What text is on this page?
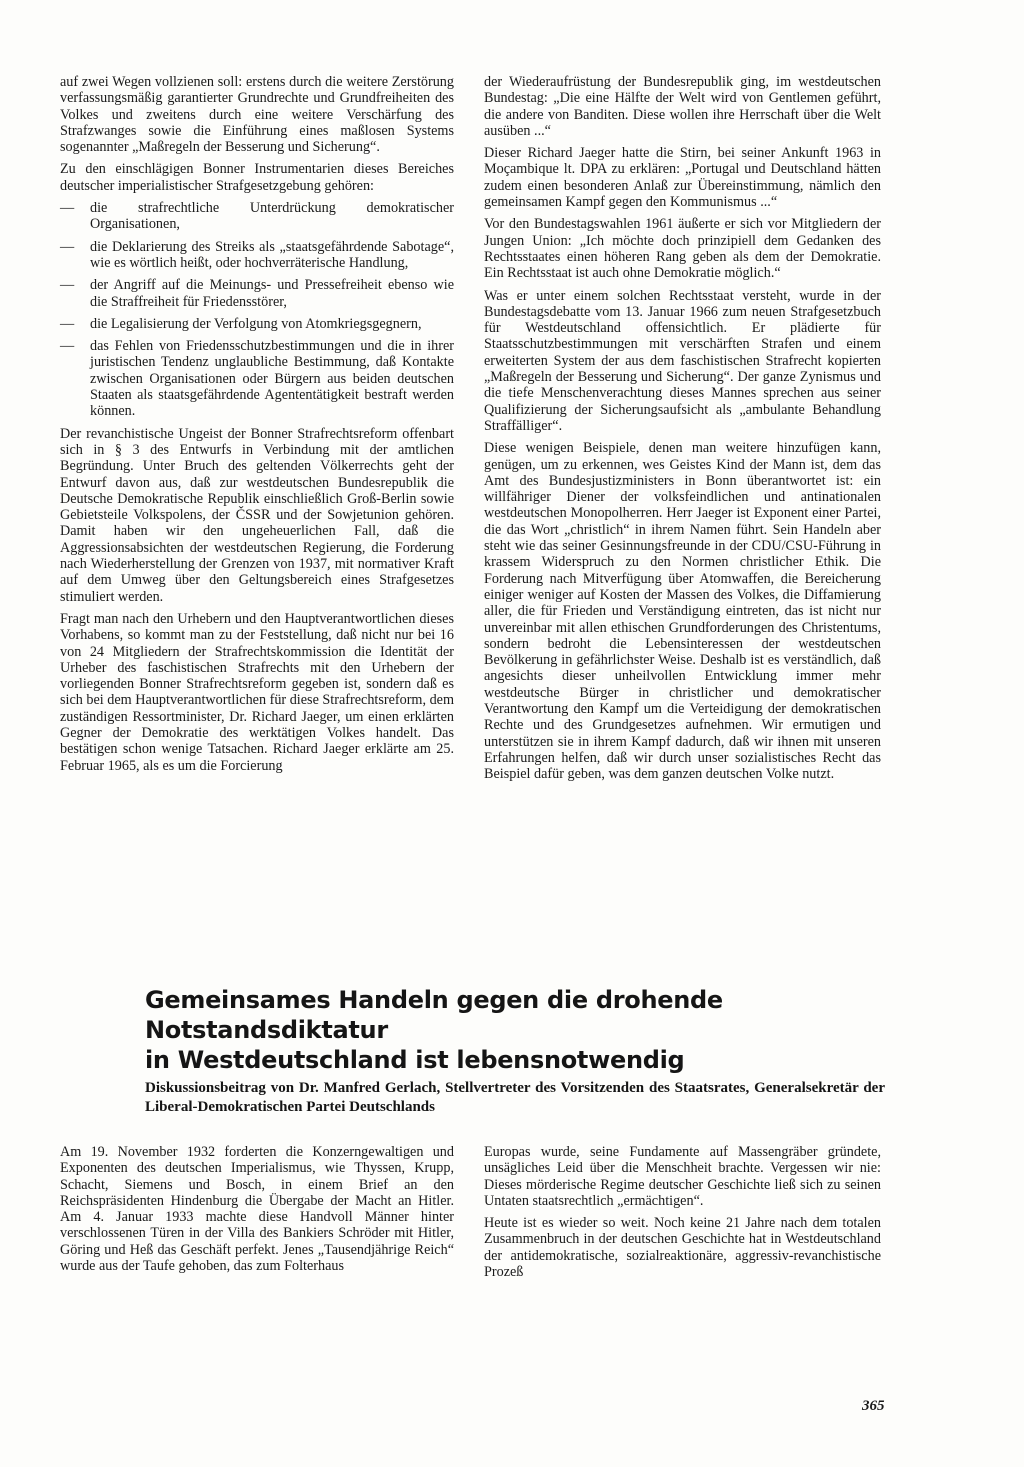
auf zwei Wegen vollzienen soll: erstens durch die weitere Zerstörung verfassungsmäßig garantierter Grundrechte und Grundfreiheiten des Volkes und zweitens durch eine weitere Verschärfung des Strafzwanges sowie die Einführung eines maßlosen Systems sogenannter „Maßregeln der Besserung und Sicherung“.

Zu den einschlägigen Bonner Instrumentarien dieses Bereiches deutscher imperialistischer Strafgesetzgebung gehören:

— die strafrechtliche Unterdrückung demokratischer Organisationen,
— die Deklarierung des Streiks als „staatsgefährdende Sabotage“, wie es wörtlich heißt, oder hochverräterische Handlung,
— der Angriff auf die Meinungs- und Pressefreiheit ebenso wie die Straffreiheit für Friedensstörer,
— die Legalisierung der Verfolgung von Atomkriegsgegnern,
— das Fehlen von Friedensschutzbestimmungen und die in ihrer juristischen Tendenz unglaubliche Bestimmung, daß Kontakte zwischen Organisationen oder Bürgern aus beiden deutschen Staaten als staatsgefährdende Agententätigkeit bestraft werden können.

Der revanchistische Ungeist der Bonner Strafrechtsreform offenbart sich in § 3 des Entwurfs in Verbindung mit der amtlichen Begründung. Unter Bruch des geltenden Völkerrechts geht der Entwurf davon aus, daß zur westdeutschen Bundesrepublik die Deutsche Demokratische Republik einschließlich Groß-Berlin sowie Gebietsteile Volkspolens, der ČSSR und der Sowjetunion gehören. Damit haben wir den ungeheuerlichen Fall, daß die Aggressionsabsichten der westdeutschen Regierung, die Forderung nach Wiederherstellung der Grenzen von 1937, mit normativer Kraft auf dem Umweg über den Geltungsbereich eines Strafgesetzes stimuliert werden.

Fragt man nach den Urhebern und den Hauptverantwortlichen dieses Vorhabens, so kommt man zu der Feststellung, daß nicht nur bei 16 von 24 Mitgliedern der Strafrechtskommission die Identität der Urheber des faschistischen Strafrechts mit den Urhebern der vorliegenden Bonner Strafrechtsreform gegeben ist, sondern daß es sich bei dem Hauptverantwortlichen für diese Strafrechtsreform, dem zuständigen Ressortminister, Dr. Richard Jaeger, um einen erklärten Gegner der Demokratie des werktätigen Volkes handelt. Das bestätigen schon wenige Tatsachen. Richard Jaeger erklärte am 25. Februar 1965, als es um die Forcierung

der Wiederaufrüstung der Bundesrepublik ging, im westdeutschen Bundestag: „Die eine Hälfte der Welt wird von Gentlemen geführt, die andere von Banditen. Diese wollen ihre Herrschaft über die Welt ausüben ...“

Dieser Richard Jaeger hatte die Stirn, bei seiner Ankunft 1963 in Moçambique lt. DPA zu erklären: „Portugal und Deutschland hätten zudem einen besonderen Anlaß zur Übereinstimmung, nämlich den gemeinsamen Kampf gegen den Kommunismus ...“

Vor den Bundestagswahlen 1961 äußerte er sich vor Mitgliedern der Jungen Union: „Ich möchte doch prinzipiell dem Gedanken des Rechtsstaates einen höheren Rang geben als dem der Demokratie. Ein Rechtsstaat ist auch ohne Demokratie möglich.“

Was er unter einem solchen Rechtsstaat versteht, wurde in der Bundestagsdebatte vom 13. Januar 1966 zum neuen Strafgesetzbuch für Westdeutschland offensichtlich. Er plädierte für Staatsschutzbestimmungen mit verschärften Strafen und einem erweiterten System der aus dem faschistischen Strafrecht kopierten „Maßregeln der Besserung und Sicherung“. Der ganze Zynismus und die tiefe Menschenverachtung dieses Mannes sprechen aus seiner Qualifizierung der Sicherungsaufsicht als „ambulante Behandlung Straffälliger“.

Diese wenigen Beispiele, denen man weitere hinzufügen kann, genügen, um zu erkennen, wes Geistes Kind der Mann ist, dem das Amt des Bundesjustizministers in Bonn überantwortet ist: ein willfähriger Diener der volksfeindlichen und antinationalen westdeutschen Monopolherren. Herr Jaeger ist Exponent einer Partei, die das Wort „christlich“ in ihrem Namen führt. Sein Handeln aber steht wie das seiner Gesinnungsfreunde in der CDU/CSU-Führung in krassem Widerspruch zu den Normen christlicher Ethik. Die Forderung nach Mitverfügung über Atomwaffen, die Bereicherung einiger weniger auf Kosten der Massen des Volkes, die Diffamierung aller, die für Frieden und Verständigung eintreten, das ist nicht nur unvereinbar mit allen ethischen Grundforderungen des Christentums, sondern bedroht die Lebensinteressen der westdeutschen Bevölkerung in gefährlichster Weise. Deshalb ist es verständlich, daß angesichts dieser unheilvollen Entwicklung immer mehr westdeutsche Bürger in christlicher und demokratischer Verantwortung den Kampf um die Verteidigung der demokratischen Rechte und des Grundgesetzes aufnehmen. Wir ermutigen und unterstützen sie in ihrem Kampf dadurch, daß wir ihnen mit unseren Erfahrungen helfen, daß wir durch unser sozialistisches Recht das Beispiel dafür geben, was dem ganzen deutschen Volke nutzt.

Gemeinsames Handeln gegen die drohende Notstandsdiktatur
in Westdeutschland ist lebensnotwendig

Diskussionsbeitrag von Dr. Manfred Gerlach, Stellvertreter des Vorsitzenden des Staatsrates, Generalsekretär der Liberal-Demokratischen Partei Deutschlands

Am 19. November 1932 forderten die Konzerngewaltigen und Exponenten des deutschen Imperialismus, wie Thyssen, Krupp, Schacht, Siemens und Bosch, in einem Brief an den Reichspräsidenten Hindenburg die Übergabe der Macht an Hitler. Am 4. Januar 1933 machte diese Handvoll Männer hinter verschlossenen Türen in der Villa des Bankiers Schröder mit Hitler, Göring und Heß das Geschäft perfekt. Jenes „Tausendjährige Reich“ wurde aus der Taufe gehoben, das zum Folterhaus

Europas wurde, seine Fundamente auf Massengräber gründete, unsägliches Leid über die Menschheit brachte. Vergessen wir nie: Dieses mörderische Regime deutscher Geschichte ließ sich zu seinen Untaten staatsrechtlich „ermächtigen“.

Heute ist es wieder so weit. Noch keine 21 Jahre nach dem totalen Zusammenbruch in der deutschen Geschichte hat in Westdeutschland der antidemokratische, sozialreaktionäre, aggressiv-revanchistische Prozeß

365
